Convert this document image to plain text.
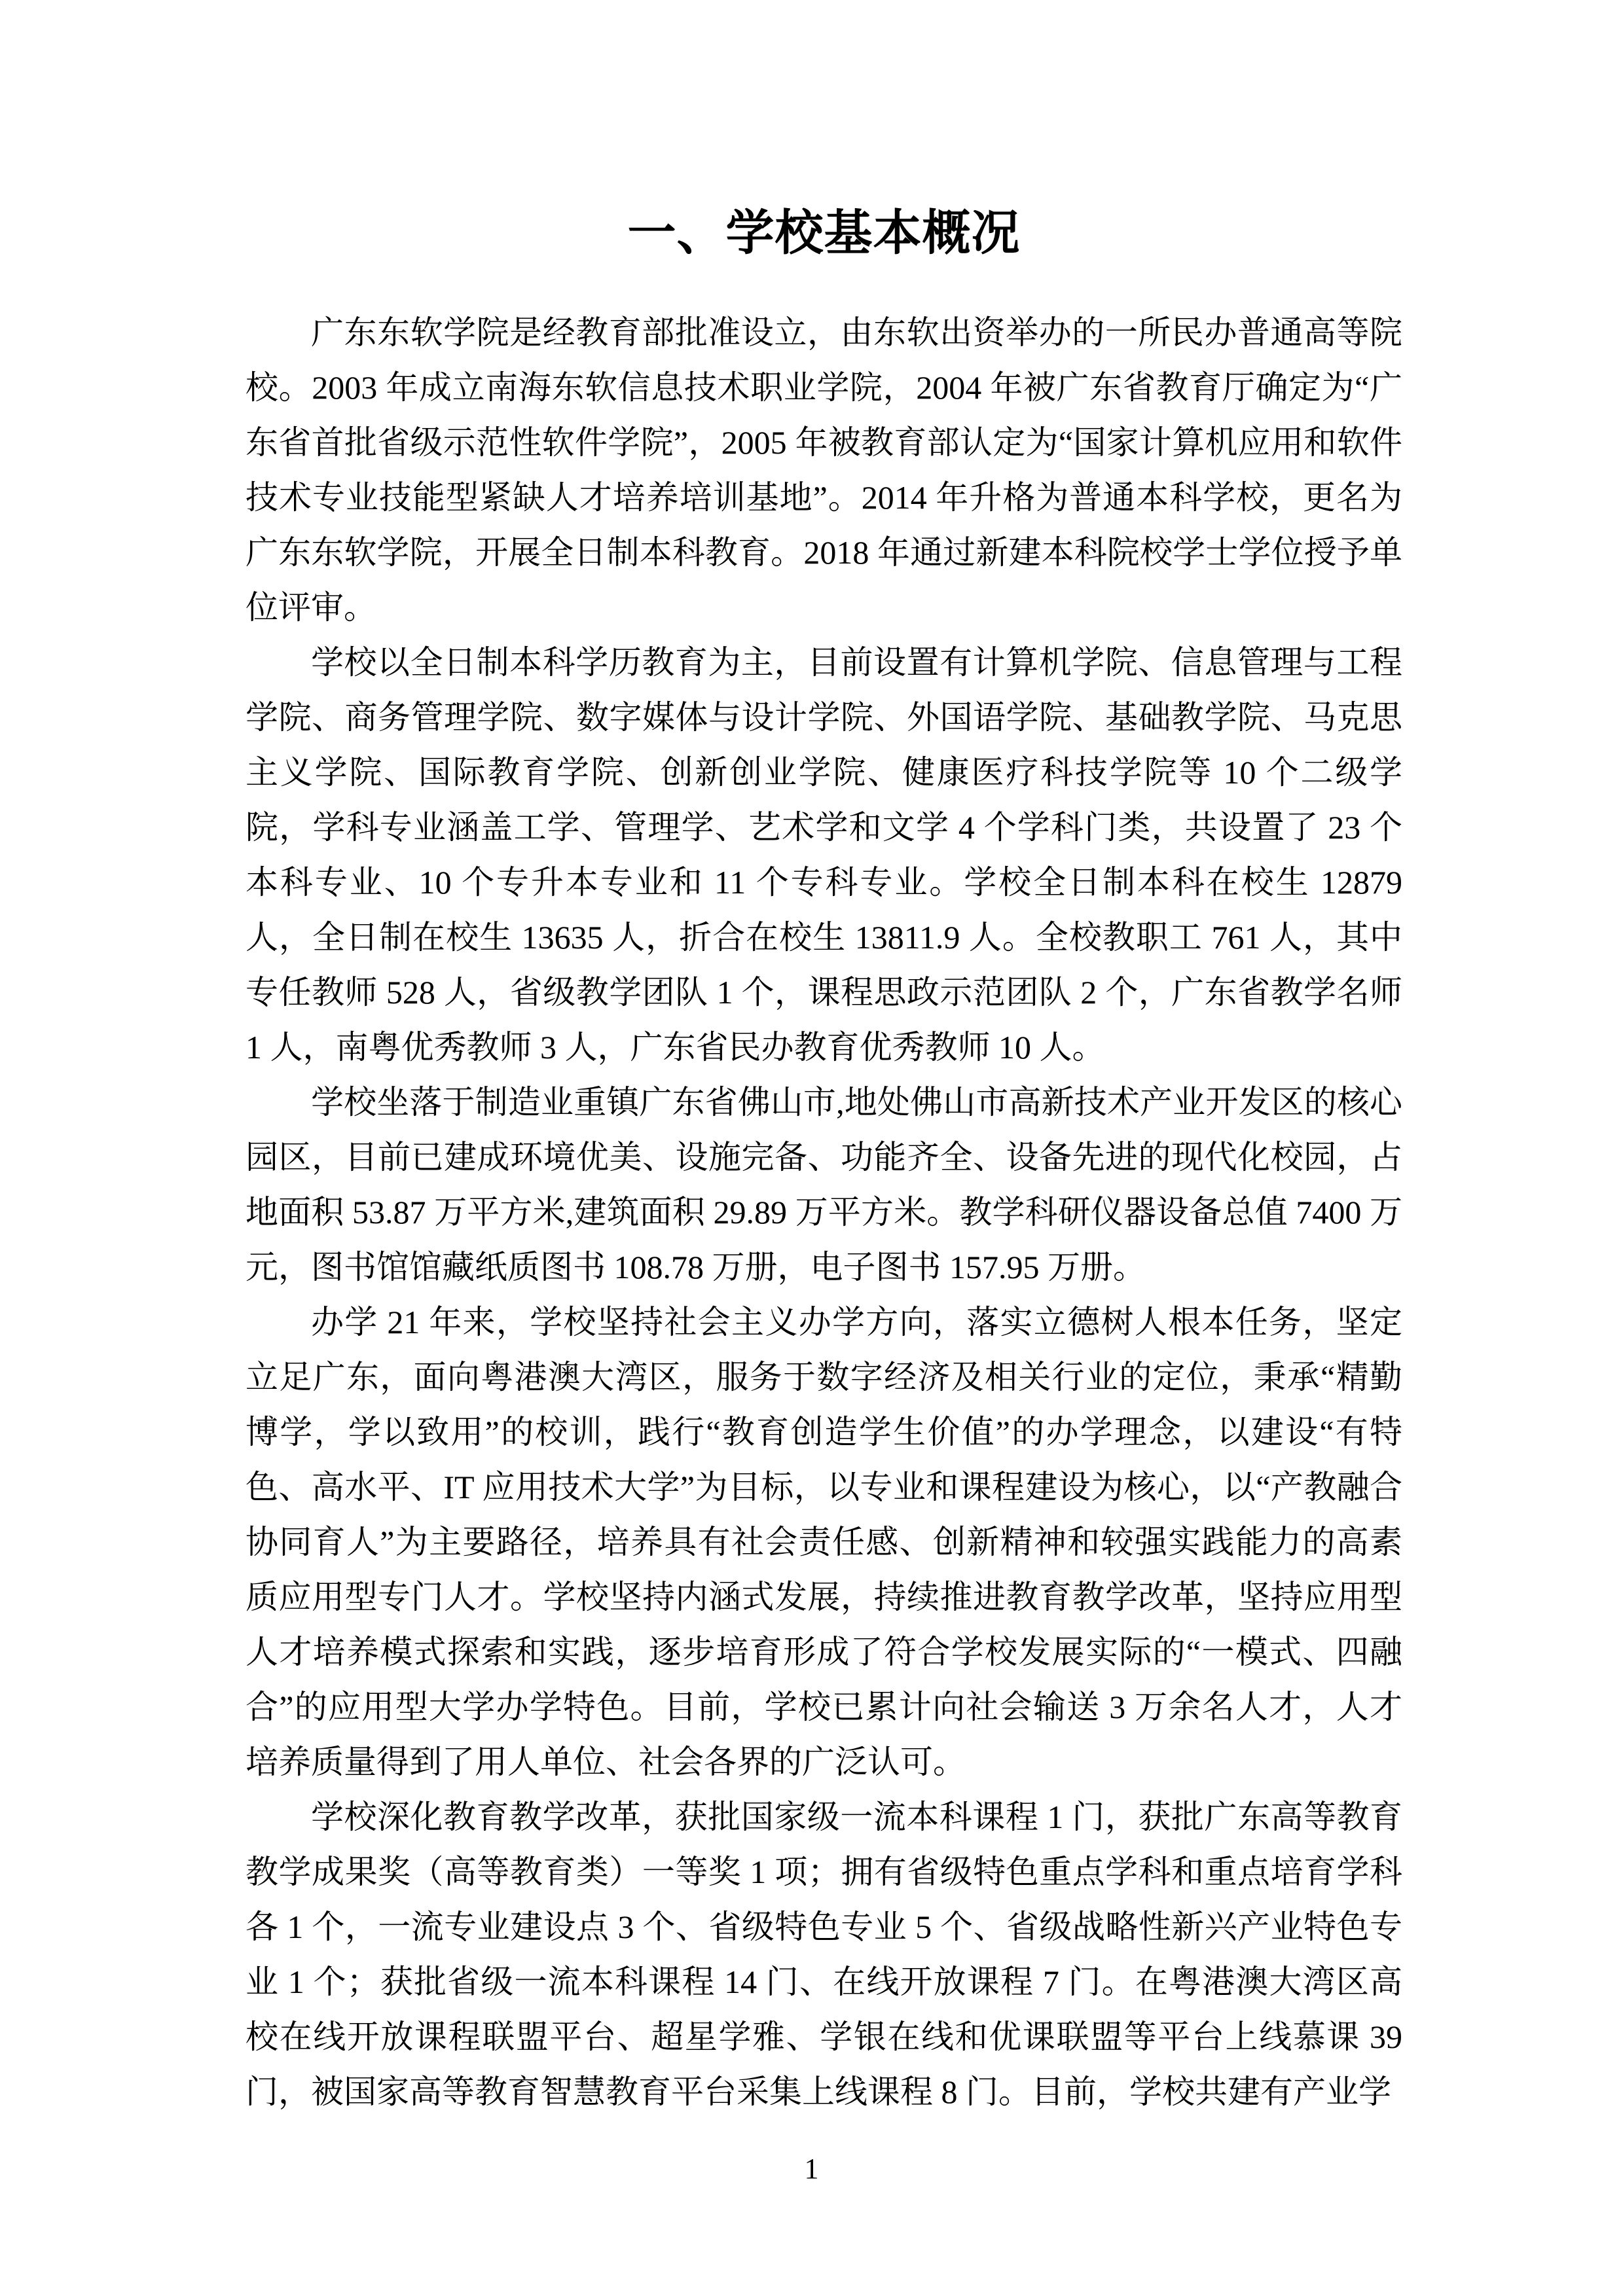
一、学校基本概况

广东东软学院是经教育部批准设立，由东软出资举办的一所民办普通高等院校。2003 年成立南海东软信息技术职业学院，2004 年被广东省教育厅确定为“广东省首批省级示范性软件学院”，2005 年被教育部认定为“国家计算机应用和软件技术专业技能型紧缺人才培养培训基地”。2014 年升格为普通本科学校，更名为广东东软学院，开展全日制本科教育。2018 年通过新建本科院校学士学位授予单位评审。

学校以全日制本科学历教育为主，目前设置有计算机学院、信息管理与工程学院、商务管理学院、数字媒体与设计学院、外国语学院、基础教学院、马克思主义学院、国际教育学院、创新创业学院、健康医疗科技学院等 10 个二级学院，学科专业涵盖工学、管理学、艺术学和文学 4 个学科门类，共设置了 23 个本科专业、10 个专升本专业和 11 个专科专业。学校全日制本科在校生 12879 人，全日制在校生 13635 人，折合在校生 13811.9 人。全校教职工 761 人，其中专任教师 528 人，省级教学团队 1 个，课程思政示范团队 2 个，广东省教学名师 1 人，南粤优秀教师 3 人，广东省民办教育优秀教师 10 人。

学校坐落于制造业重镇广东省佛山市,地处佛山市高新技术产业开发区的核心园区，目前已建成环境优美、设施完备、功能齐全、设备先进的现代化校园，占地面积 53.87 万平方米,建筑面积 29.89 万平方米。教学科研仪器设备总值 7400 万元，图书馆馆藏纸质图书 108.78 万册，电子图书 157.95 万册。

办学 21 年来，学校坚持社会主义办学方向，落实立德树人根本任务，坚定立足广东，面向粤港澳大湾区，服务于数字经济及相关行业的定位，秉承“精勤博学，学以致用”的校训，践行“教育创造学生价值”的办学理念，以建设“有特色、高水平、IT 应用技术大学”为目标，以专业和课程建设为核心，以“产教融合 协同育人”为主要路径，培养具有社会责任感、创新精神和较强实践能力的高素质应用型专门人才。学校坚持内涵式发展，持续推进教育教学改革，坚持应用型人才培养模式探索和实践，逐步培育形成了符合学校发展实际的“一模式、四融合”的应用型大学办学特色。目前，学校已累计向社会输送 3 万余名人才，人才培养质量得到了用人单位、社会各界的广泛认可。

学校深化教育教学改革，获批国家级一流本科课程 1 门，获批广东高等教育教学成果奖（高等教育类）一等奖 1 项；拥有省级特色重点学科和重点培育学科各 1 个，一流专业建设点 3 个、省级特色专业 5 个、省级战略性新兴产业特色专业 1 个；获批省级一流本科课程 14 门、在线开放课程 7 门。在粤港澳大湾区高校在线开放课程联盟平台、超星学雅、学银在线和优课联盟等平台上线慕课 39 门，被国家高等教育智慧教育平台采集上线课程 8 门。目前，学校共建有产业学

1
